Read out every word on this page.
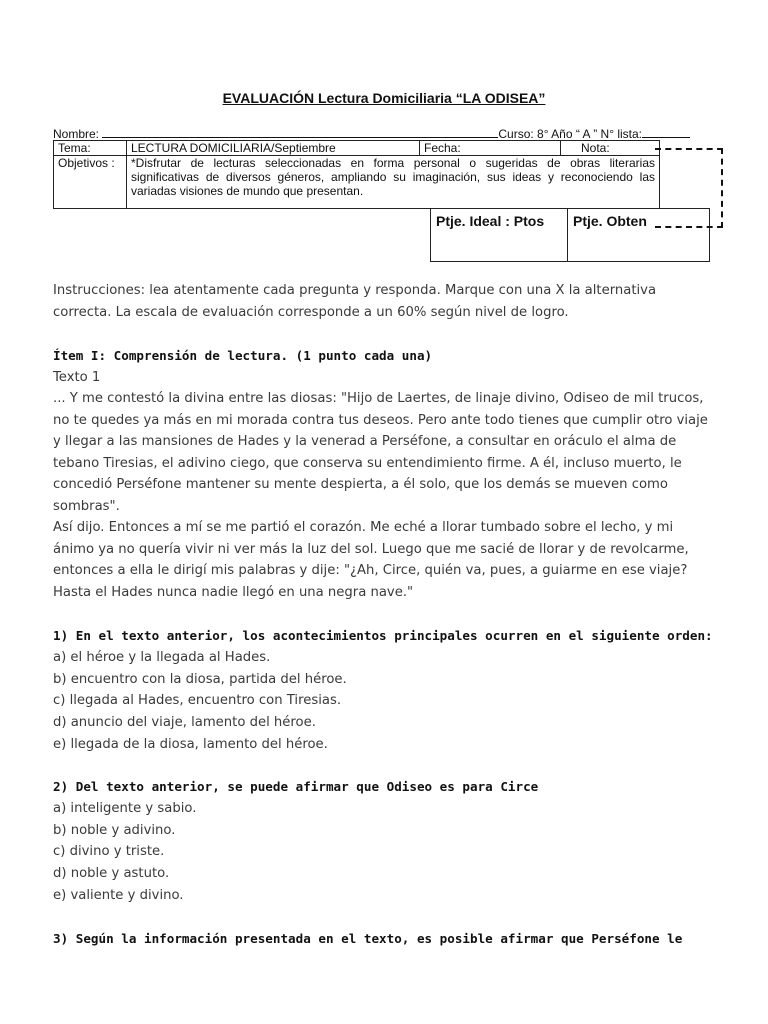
EVALUACIÓN Lectura Domiciliaria “LA ODISEA”
Nombre:	Curso: 8° Año “ A ” N° lista:
Tema:	LECTURA DOMICILIARIA/Septiembre	Fecha:	Nota:
Objetivos :	*Disfrutar de lecturas seleccionadas en forma personal o sugeridas de obras literarias significativas de diversos géneros, ampliando su imaginación, sus ideas y reconociendo las variadas visiones de mundo que presentan.		
Ptje. Ideal : Ptos	Ptje. Obten
Instrucciones: lea atentamente cada pregunta y responda. Marque con una X la alternativa correcta. La escala de evaluación corresponde a un 60% según nivel de logro.
Ítem I: Comprensión de lectura. (1 punto cada una)
Texto 1
... Y me contestó la divina entre las diosas: "Hijo de Laertes, de linaje divino, Odiseo de mil trucos, no te quedes ya más en mi morada contra tus deseos. Pero ante todo tienes que cumplir otro viaje y llegar a las mansiones de Hades y la venerad a Perséfone, a consultar en oráculo el alma de tebano Tiresias, el adivino ciego, que conserva su entendimiento firme. A él, incluso muerto, le concedió Perséfone mantener su mente despierta, a él solo, que los demás se mueven como sombras".
Así dijo. Entonces a mí se me partió el corazón. Me eché a llorar tumbado sobre el lecho, y mi ánimo ya no quería vivir ni ver más la luz del sol. Luego que me sacié de llorar y de revolcarme, entonces a ella le dirigí mis palabras y dije: "¿Ah, Circe, quién va, pues, a guiarme en ese viaje? Hasta el Hades nunca nadie llegó en una negra nave."
1) En el texto anterior, los acontecimientos principales ocurren en el siguiente orden:
a) el héroe y la llegada al Hades.
b) encuentro con la diosa, partida del héroe.
c) llegada al Hades, encuentro con Tiresias.
d) anuncio del viaje, lamento del héroe.
e) llegada de la diosa, lamento del héroe.
2) Del texto anterior, se puede afirmar que Odiseo es para Circe
a) inteligente y sabio.
b) noble y adivino.
c) divino y triste.
d) noble y astuto.
e) valiente y divino.
3) Según la información presentada en el texto, es posible afirmar que Perséfone le
